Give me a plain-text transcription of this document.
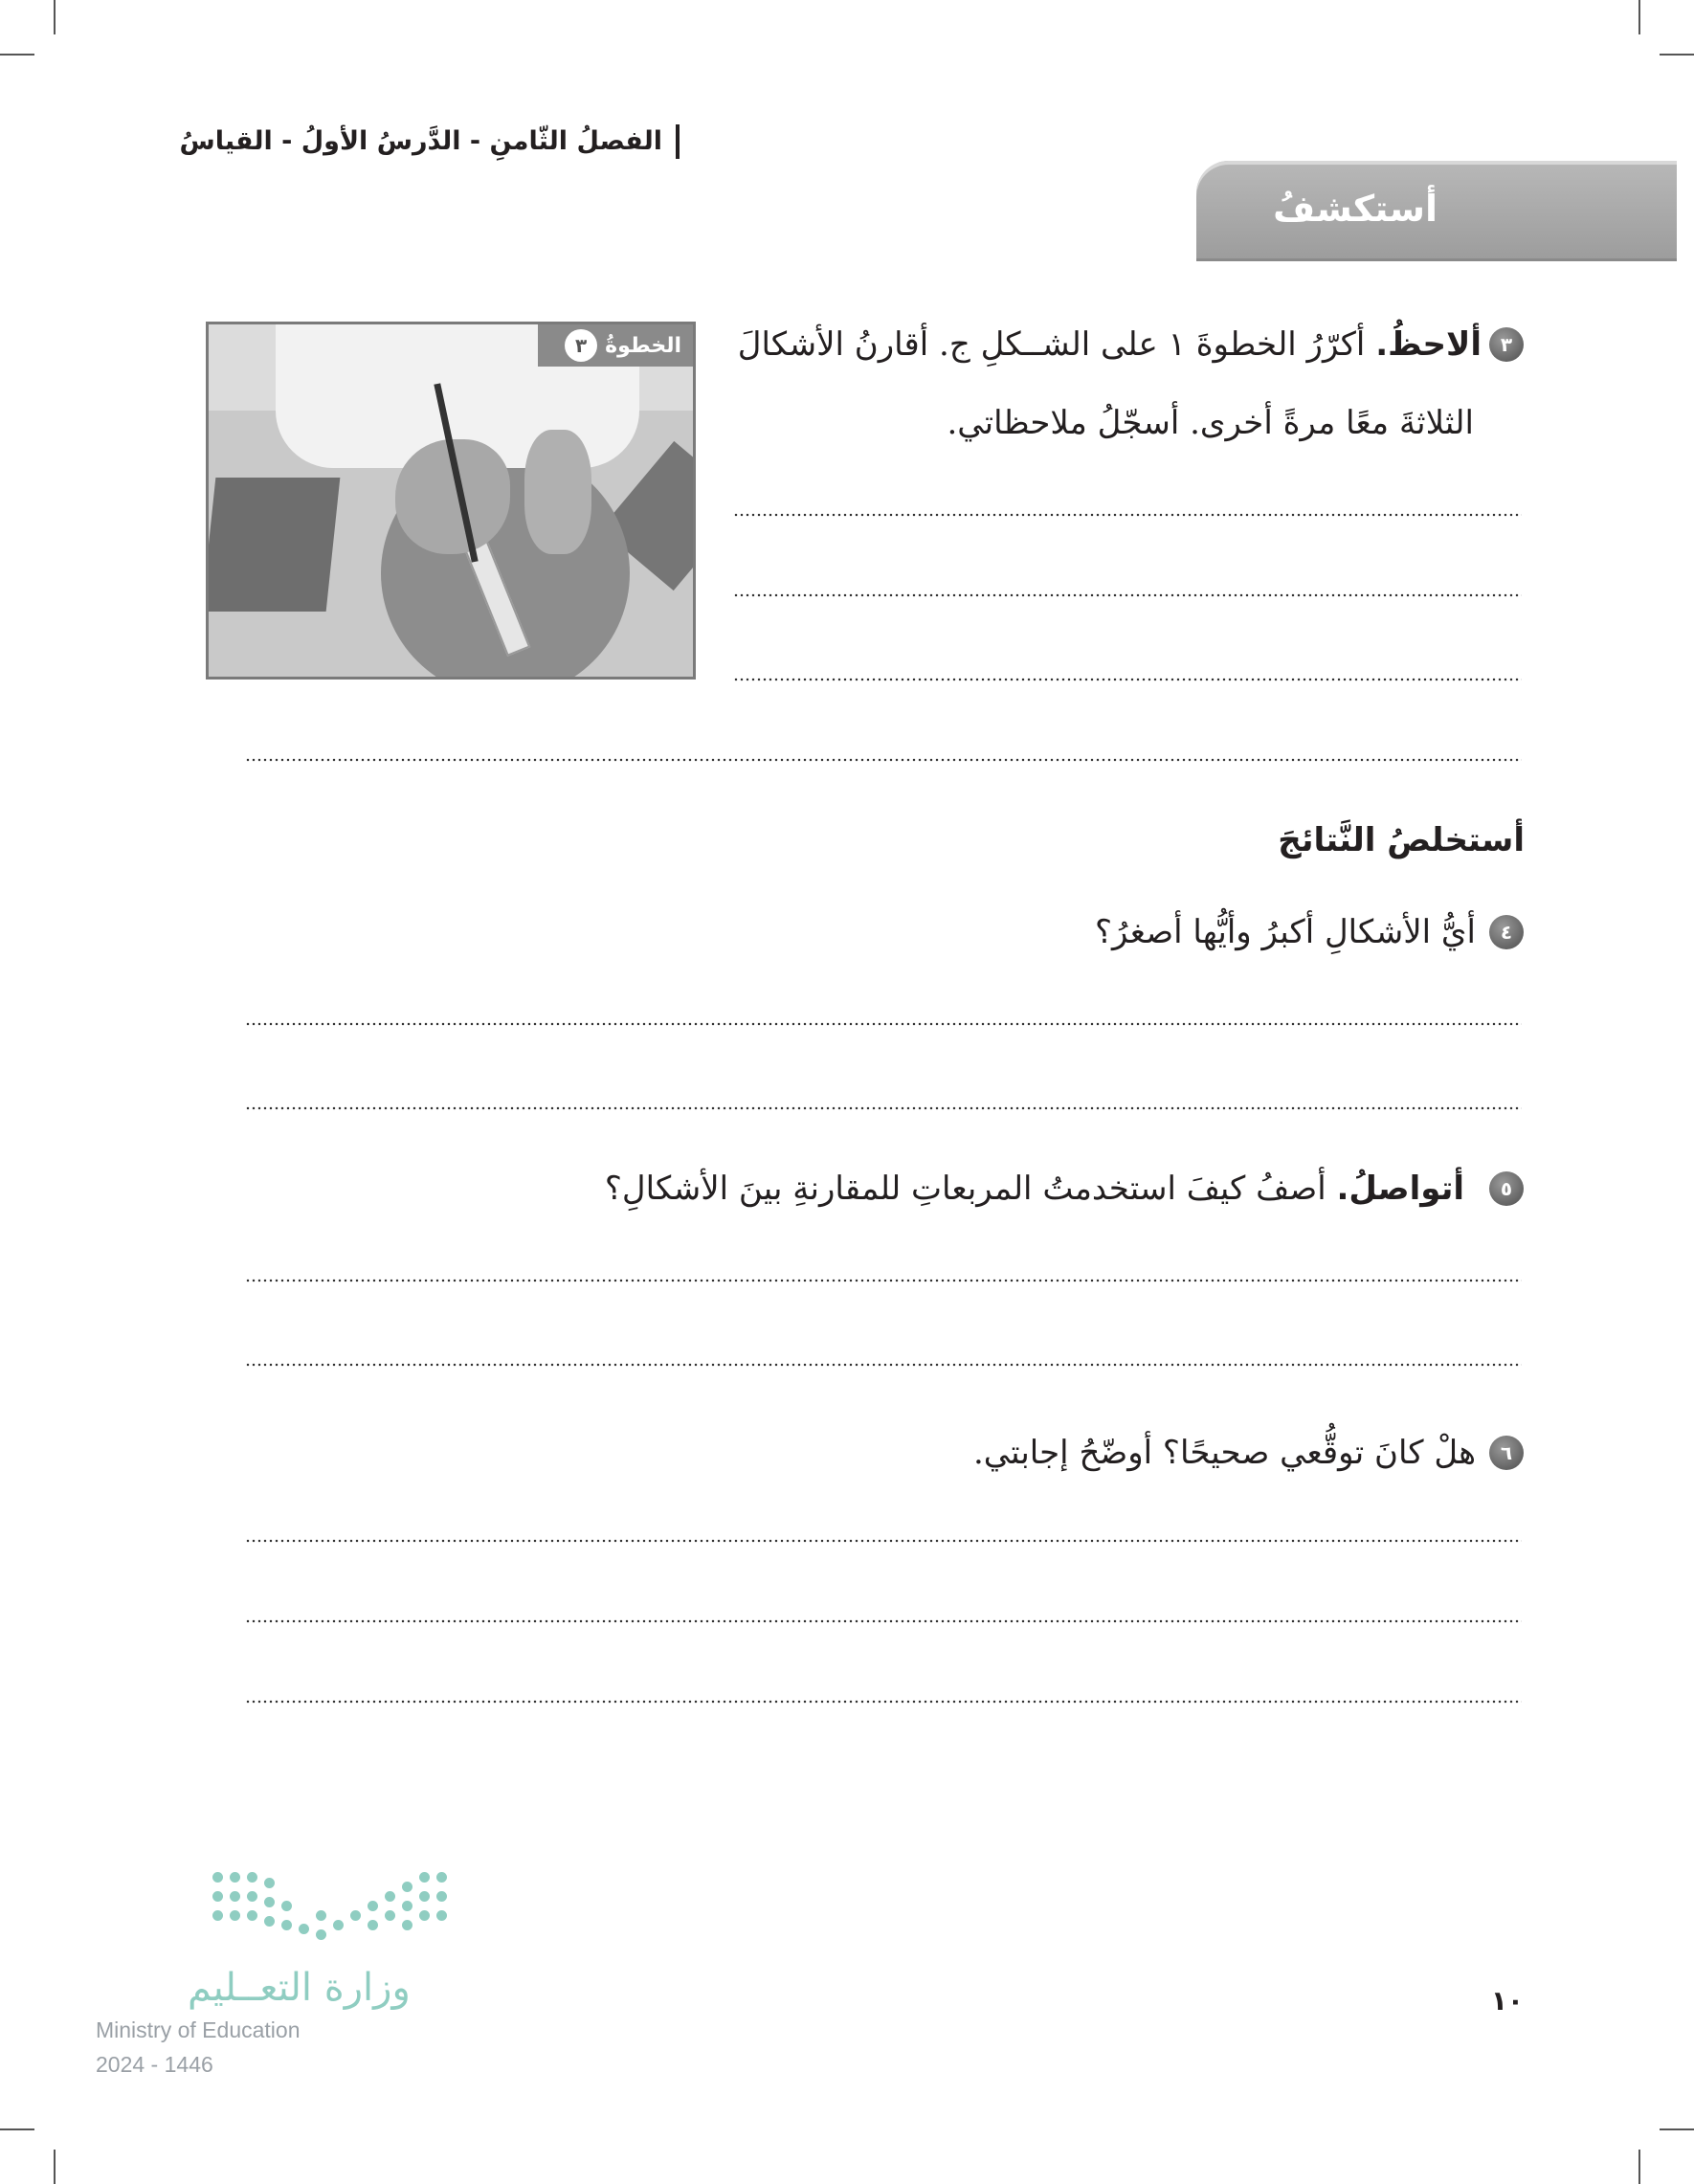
الفصلُ الثّامنِ - الدَّرسُ الأولُ - القياسُ
أستكشفُ
الخطوةُ
٣	٣
ألاحظُ. أكرّرُ الخطوةَ ١ على الشــكلِ ج. أقارنُ الأشكالَ
الثلاثةَ معًا مرةً أخرى. أسجّلُ ملاحظاتي.
أستخلصُ النَّتائجَ
٤
أيُّ الأشكالِ أكبرُ وأيُّها أصغرُ؟
٥
أتواصلُ. أصفُ كيفَ استخدمتُ المربعاتِ للمقارنةِ بينَ الأشكالِ؟
٦
هلْ كانَ توقُّعي صحيحًا؟ أوضّحُ إجابتي.
وزارة التعــليم
Ministry of Education
2024 - 1446
١٠
